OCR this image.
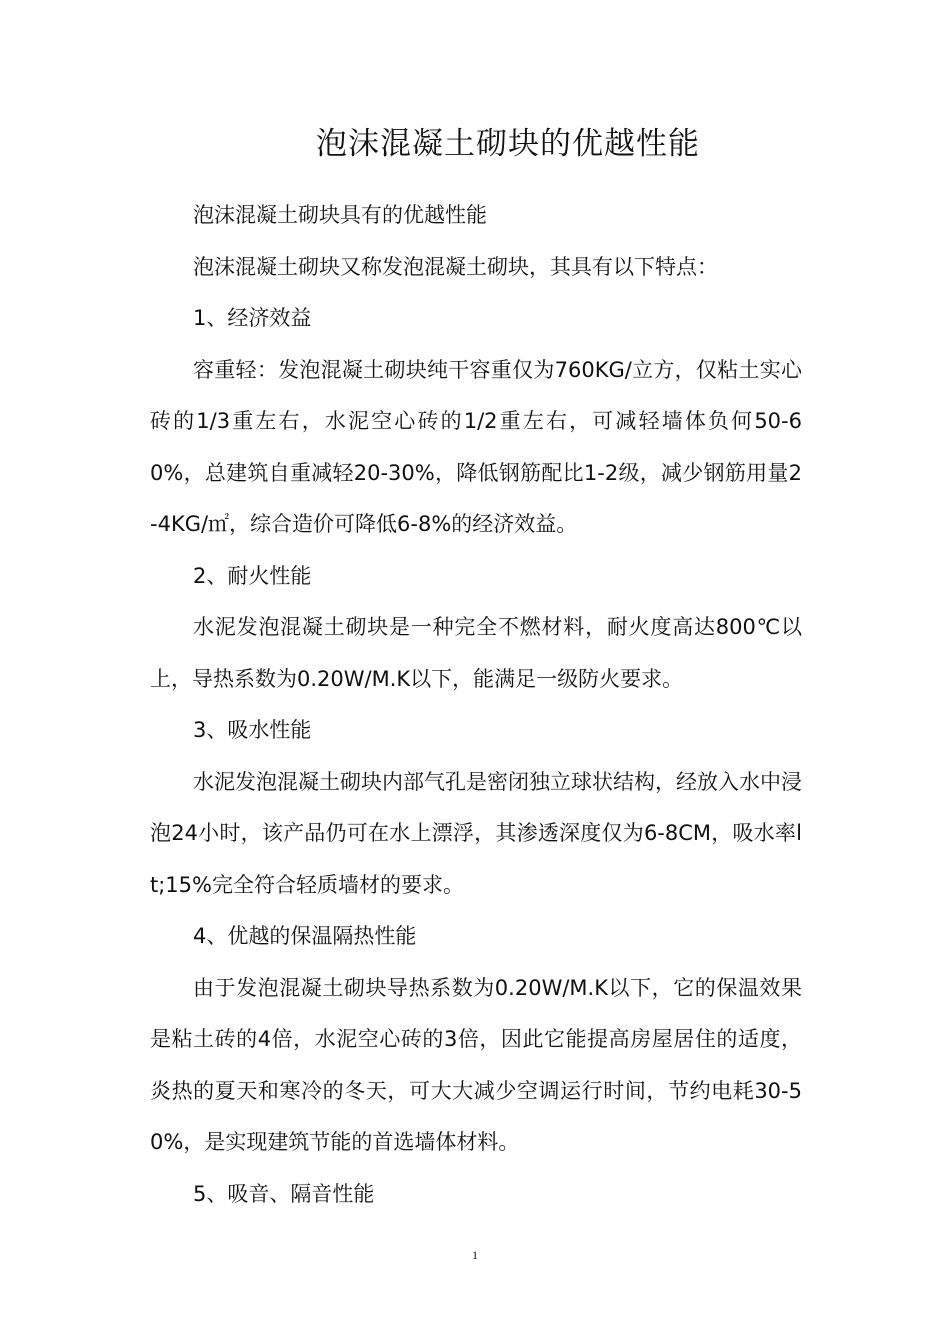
泡沫混凝土砌块的优越性能

泡沫混凝土砌块具有的优越性能

泡沫混凝土砌块又称发泡混凝土砌块，其具有以下特点：

1、经济效益

容重轻：发泡混凝土砌块纯干容重仅为760KG/立方，仅粘土实心砖的1/3重左右，水泥空心砖的1/2重左右，可减轻墙体负何50-60%，总建筑自重减轻20-30%，降低钢筋配比1-2级，减少钢筋用量2-4KG/㎡，综合造价可降低6-8%的经济效益。

2、耐火性能

水泥发泡混凝土砌块是一种完全不燃材料，耐火度高达800℃以上，导热系数为0.20W/M.K以下，能满足一级防火要求。

3、吸水性能

水泥发泡混凝土砌块内部气孔是密闭独立球状结构，经放入水中浸泡24小时，该产品仍可在水上漂浮，其渗透深度仅为6-8CM，吸水率lt;15%完全符合轻质墙材的要求。

4、优越的保温隔热性能

由于发泡混凝土砌块导热系数为0.20W/M.K以下，它的保温效果是粘土砖的4倍，水泥空心砖的3倍，因此它能提高房屋居住的适度，炎热的夏天和寒冷的冬天，可大大减少空调运行时间，节约电耗30-50%，是实现建筑节能的首选墙体材料。

5、吸音、隔音性能

1
